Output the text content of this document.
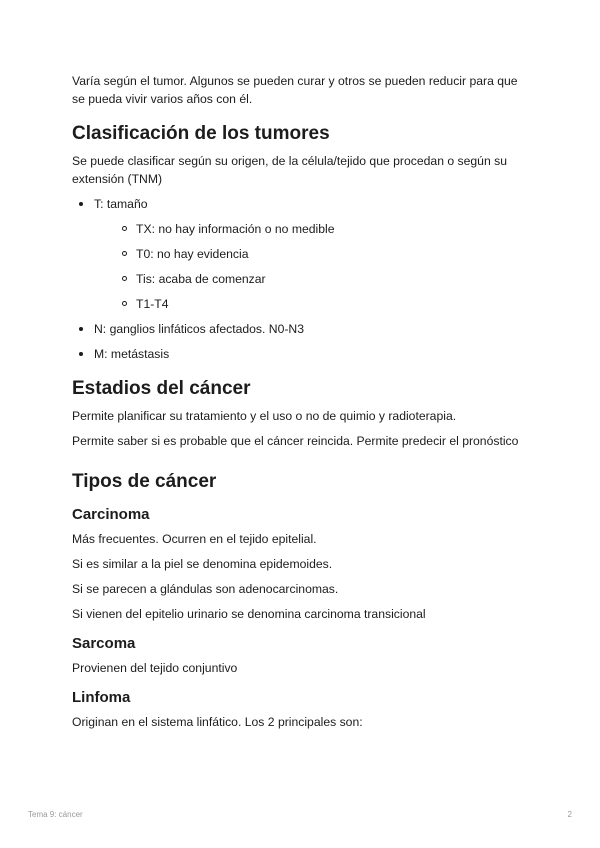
Varía según el tumor. Algunos se pueden curar y otros se pueden reducir para que se pueda vivir varios años con él.

Clasificación de los tumores

Se puede clasificar según su origen, de la célula/tejido que procedan o según su extensión (TNM)

T: tamaño
TX: no hay información o no medible
T0: no hay evidencia
Tis: acaba de comenzar
T1-T4
N: ganglios linfáticos afectados. N0-N3
M: metástasis
Estadios del cáncer

Permite planificar su tratamiento y el uso o no de quimio y radioterapia.

Permite saber si es probable que el cáncer reincida. Permite predecir el pronóstico

Tipos de cáncer
Carcinoma

Más frecuentes. Ocurren en el tejido epitelial.

Si es similar a la piel se denomina epidemoides.

Si se parecen a glándulas son adenocarcinomas.

Si vienen del epitelio urinario se denomina carcinoma transicional

Sarcoma

Provienen del tejido conjuntivo

Linfoma

Originan en el sistema linfático. Los 2 principales son:

Tema 9: cáncer	2
